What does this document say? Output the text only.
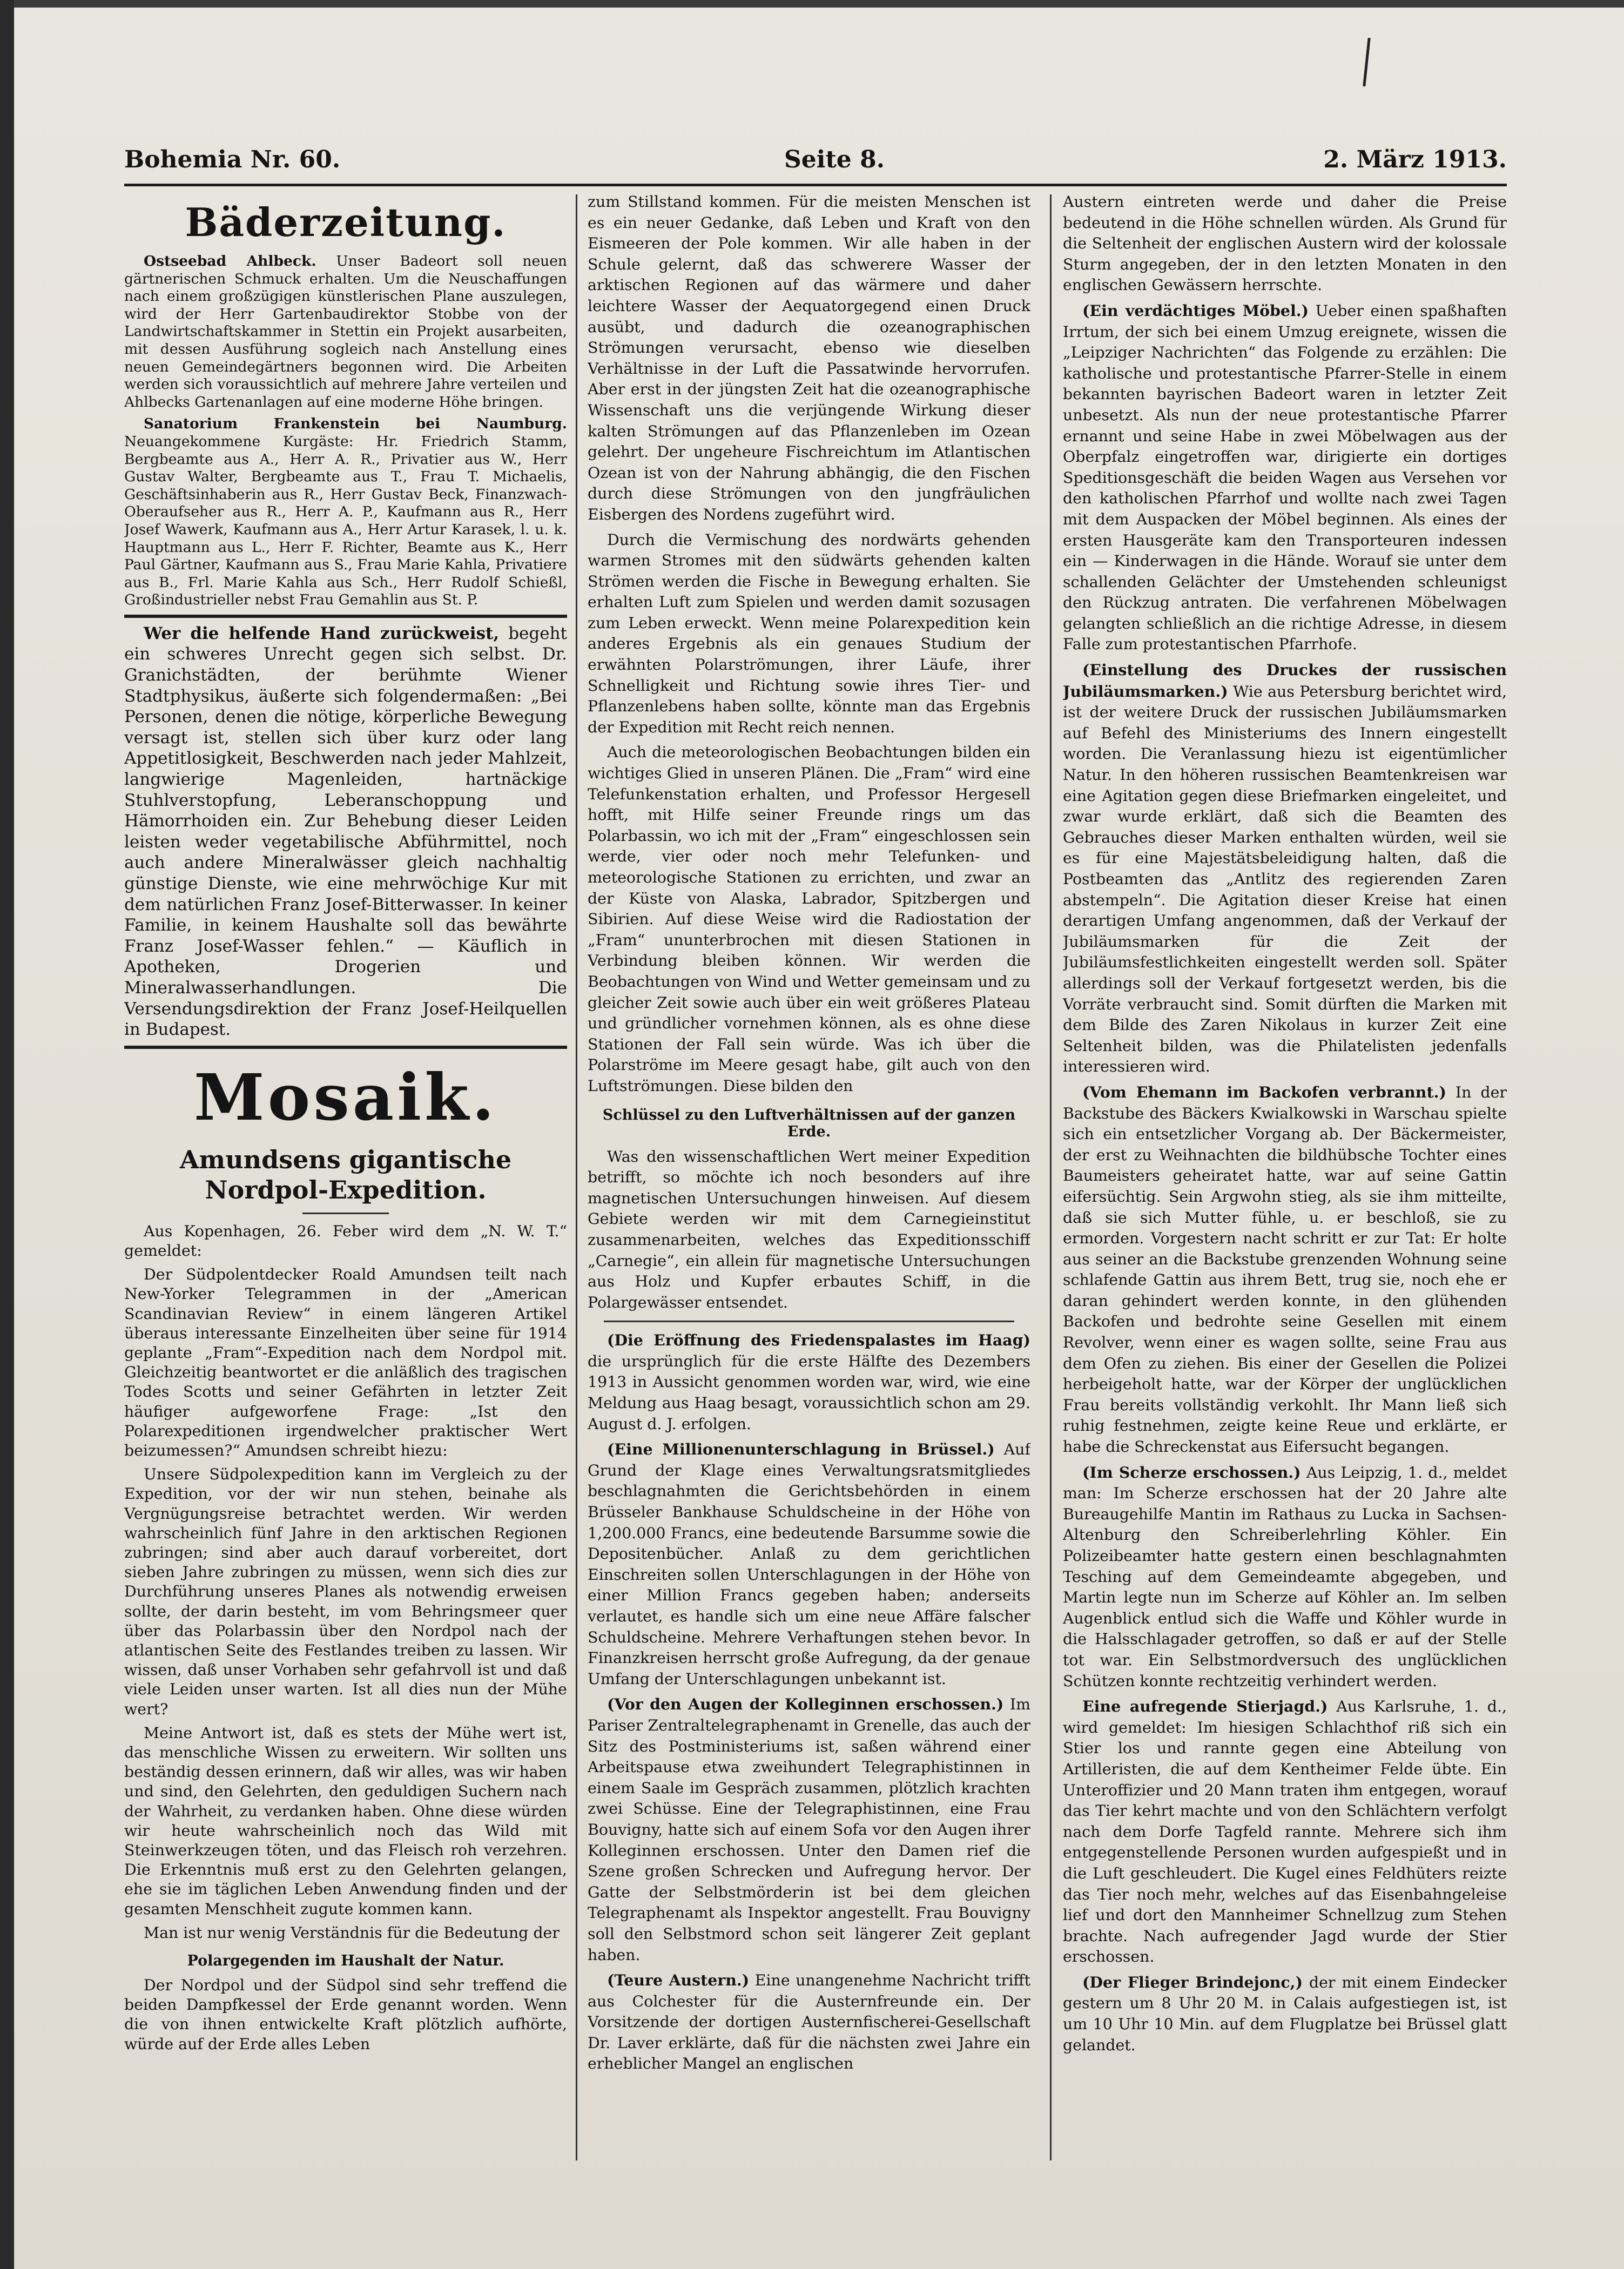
Bohemia Nr. 60.	Seite 8.	2. März 1913.
Bäderzeitung.

Ostseebad Ahlbeck. Unser Badeort soll neuen gärtnerischen Schmuck erhalten. Um die Neuschaffungen nach einem großzügigen künstlerischen Plane auszulegen, wird der Herr Gartenbaudirektor Stobbe von der Landwirtschaftskammer in Stettin ein Projekt ausarbeiten, mit dessen Ausführung sogleich nach Anstellung eines neuen Gemeindegärtners begonnen wird. Die Arbeiten werden sich voraussichtlich auf mehrere Jahre verteilen und Ahlbecks Gartenanlagen auf eine moderne Höhe bringen.

Sanatorium Frankenstein bei Naumburg. Neuangekommene Kurgäste: Hr. Friedrich Stamm, Bergbeamte aus A., Herr A. R., Privatier aus W., Herr Gustav Walter, Bergbeamte aus T., Frau T. Michaelis, Geschäftsinhaberin aus R., Herr Gustav Beck, Finanzwach-Oberaufseher aus R., Herr A. P., Kaufmann aus R., Herr Josef Wawerk, Kaufmann aus A., Herr Artur Karasek, l. u. k. Hauptmann aus L., Herr F. Richter, Beamte aus K., Herr Paul Gärtner, Kaufmann aus S., Frau Marie Kahla, Privatiere aus B., Frl. Marie Kahla aus Sch., Herr Rudolf Schießl, Großindustrieller nebst Frau Gemahlin aus St. P.

Wer die helfende Hand zurückweist, begeht ein schweres Unrecht gegen sich selbst. Dr. Granichstädten, der berühmte Wiener Stadtphysikus, äußerte sich folgendermaßen: „Bei Personen, denen die nötige, körperliche Bewegung versagt ist, stellen sich über kurz oder lang Appetitlosigkeit, Beschwerden nach jeder Mahlzeit, langwierige Magenleiden, hartnäckige Stuhlverstopfung, Leberanschoppung und Hämorrhoiden ein. Zur Behebung dieser Leiden leisten weder vegetabilische Abführmittel, noch auch andere Mineralwässer gleich nachhaltig günstige Dienste, wie eine mehrwöchige Kur mit dem natürlichen Franz Josef-Bitterwasser. In keiner Familie, in keinem Haushalte soll das bewährte Franz Josef-Wasser fehlen.“ — Käuflich in Apotheken, Drogerien und Mineralwasserhandlungen. Die Versendungsdirektion der Franz Josef-Heilquellen in Budapest.

Mosaik.
Amundsens gigantische Nordpol-Expedition.

Aus Kopenhagen, 26. Feber wird dem „N. W. T.“ gemeldet:

Der Südpolentdecker Roald Amundsen teilt nach New-Yorker Telegrammen in der „American Scandinavian Review“ in einem längeren Artikel überaus interessante Einzelheiten über seine für 1914 geplante „Fram“-Expedition nach dem Nordpol mit. Gleichzeitig beantwortet er die anläßlich des tragischen Todes Scotts und seiner Gefährten in letzter Zeit häufiger aufgeworfene Frage: „Ist den Polarexpeditionen irgendwelcher praktischer Wert beizumessen?“ Amundsen schreibt hiezu:

Unsere Südpolexpedition kann im Vergleich zu der Expedition, vor der wir nun stehen, beinahe als Vergnügungsreise betrachtet werden. Wir werden wahrscheinlich fünf Jahre in den arktischen Regionen zubringen; sind aber auch darauf vorbereitet, dort sieben Jahre zubringen zu müssen, wenn sich dies zur Durchführung unseres Planes als notwendig erweisen sollte, der darin besteht, im vom Behringsmeer quer über das Polarbassin über den Nordpol nach der atlantischen Seite des Festlandes treiben zu lassen. Wir wissen, daß unser Vorhaben sehr gefahrvoll ist und daß viele Leiden unser warten. Ist all dies nun der Mühe wert?

Meine Antwort ist, daß es stets der Mühe wert ist, das menschliche Wissen zu erweitern. Wir sollten uns beständig dessen erinnern, daß wir alles, was wir haben und sind, den Gelehrten, den geduldigen Suchern nach der Wahrheit, zu verdanken haben. Ohne diese würden wir heute wahrscheinlich noch das Wild mit Steinwerkzeugen töten, und das Fleisch roh verzehren. Die Erkenntnis muß erst zu den Gelehrten gelangen, ehe sie im täglichen Leben Anwendung finden und der gesamten Menschheit zugute kommen kann.

Man ist nur wenig Verständnis für die Bedeutung der

Polargegenden im Haushalt der Natur.

Der Nordpol und der Südpol sind sehr treffend die beiden Dampfkessel der Erde genannt worden. Wenn die von ihnen entwickelte Kraft plötzlich aufhörte, würde auf der Erde alles Leben

zum Stillstand kommen. Für die meisten Menschen ist es ein neuer Gedanke, daß Leben und Kraft von den Eismeeren der Pole kommen. Wir alle haben in der Schule gelernt, daß das schwerere Wasser der arktischen Regionen auf das wärmere und daher leichtere Wasser der Aequatorgegend einen Druck ausübt, und dadurch die ozeanographischen Strömungen verursacht, ebenso wie dieselben Verhältnisse in der Luft die Passatwinde hervorrufen. Aber erst in der jüngsten Zeit hat die ozeanographische Wissenschaft uns die verjüngende Wirkung dieser kalten Strömungen auf das Pflanzenleben im Ozean gelehrt. Der ungeheure Fischreichtum im Atlantischen Ozean ist von der Nahrung abhängig, die den Fischen durch diese Strömungen von den jungfräulichen Eisbergen des Nordens zugeführt wird.

Durch die Vermischung des nordwärts gehenden warmen Stromes mit den südwärts gehenden kalten Strömen werden die Fische in Bewegung erhalten. Sie erhalten Luft zum Spielen und werden damit sozusagen zum Leben erweckt. Wenn meine Polarexpedition kein anderes Ergebnis als ein genaues Studium der erwähnten Polarströmungen, ihrer Läufe, ihrer Schnelligkeit und Richtung sowie ihres Tier- und Pflanzenlebens haben sollte, könnte man das Ergebnis der Expedition mit Recht reich nennen.

Auch die meteorologischen Beobachtungen bilden ein wichtiges Glied in unseren Plänen. Die „Fram“ wird eine Telefunkenstation erhalten, und Professor Hergesell hofft, mit Hilfe seiner Freunde rings um das Polarbassin, wo ich mit der „Fram“ eingeschlossen sein werde, vier oder noch mehr Telefunken- und meteorologische Stationen zu errichten, und zwar an der Küste von Alaska, Labrador, Spitzbergen und Sibirien. Auf diese Weise wird die Radiostation der „Fram“ ununterbrochen mit diesen Stationen in Verbindung bleiben können. Wir werden die Beobachtungen von Wind und Wetter gemeinsam und zu gleicher Zeit sowie auch über ein weit größeres Plateau und gründlicher vornehmen können, als es ohne diese Stationen der Fall sein würde. Was ich über die Polarströme im Meere gesagt habe, gilt auch von den Luftströmungen. Diese bilden den

Schlüssel zu den Luftverhältnissen auf der ganzen Erde.

Was den wissenschaftlichen Wert meiner Expedition betrifft, so möchte ich noch besonders auf ihre magnetischen Untersuchungen hinweisen. Auf diesem Gebiete werden wir mit dem Carnegieinstitut zusammenarbeiten, welches das Expeditionsschiff „Carnegie“, ein allein für magnetische Untersuchungen aus Holz und Kupfer erbautes Schiff, in die Polargewässer entsendet.

(Die Eröffnung des Friedenspalastes im Haag) die ursprünglich für die erste Hälfte des Dezembers 1913 in Aussicht genommen worden war, wird, wie eine Meldung aus Haag besagt, voraussichtlich schon am 29. August d. J. erfolgen.

(Eine Millionenunterschlagung in Brüssel.) Auf Grund der Klage eines Verwaltungsratsmitgliedes beschlagnahmten die Gerichtsbehörden in einem Brüsseler Bankhause Schuldscheine in der Höhe von 1,200.000 Francs, eine bedeutende Barsumme sowie die Depositenbücher. Anlaß zu dem gerichtlichen Einschreiten sollen Unterschlagungen in der Höhe von einer Million Francs gegeben haben; anderseits verlautet, es handle sich um eine neue Affäre falscher Schuldscheine. Mehrere Verhaftungen stehen bevor. In Finanzkreisen herrscht große Aufregung, da der genaue Umfang der Unterschlagungen unbekannt ist.

(Vor den Augen der Kolleginnen erschossen.) Im Pariser Zentraltelegraphenamt in Grenelle, das auch der Sitz des Postministeriums ist, saßen während einer Arbeitspause etwa zweihundert Telegraphistinnen in einem Saale im Gespräch zusammen, plötzlich krachten zwei Schüsse. Eine der Telegraphistinnen, eine Frau Bouvigny, hatte sich auf einem Sofa vor den Augen ihrer Kolleginnen erschossen. Unter den Damen rief die Szene großen Schrecken und Aufregung hervor. Der Gatte der Selbstmörderin ist bei dem gleichen Telegraphenamt als Inspektor angestellt. Frau Bouvigny soll den Selbstmord schon seit längerer Zeit geplant haben.

(Teure Austern.) Eine unangenehme Nachricht trifft aus Colchester für die Austernfreunde ein. Der Vorsitzende der dortigen Austernfischerei-Gesellschaft Dr. Laver erklärte, daß für die nächsten zwei Jahre ein erheblicher Mangel an englischen

Austern eintreten werde und daher die Preise bedeutend in die Höhe schnellen würden. Als Grund für die Seltenheit der englischen Austern wird der kolossale Sturm angegeben, der in den letzten Monaten in den englischen Gewässern herrschte.

(Ein verdächtiges Möbel.) Ueber einen spaßhaften Irrtum, der sich bei einem Umzug ereignete, wissen die „Leipziger Nachrichten“ das Folgende zu erzählen: Die katholische und protestantische Pfarrer-Stelle in einem bekannten bayrischen Badeort waren in letzter Zeit unbesetzt. Als nun der neue protestantische Pfarrer ernannt und seine Habe in zwei Möbelwagen aus der Oberpfalz eingetroffen war, dirigierte ein dortiges Speditionsgeschäft die beiden Wagen aus Versehen vor den katholischen Pfarrhof und wollte nach zwei Tagen mit dem Auspacken der Möbel beginnen. Als eines der ersten Hausgeräte kam den Transporteuren indessen ein — Kinderwagen in die Hände. Worauf sie unter dem schallenden Gelächter der Umstehenden schleunigst den Rückzug antraten. Die verfahrenen Möbelwagen gelangten schließlich an die richtige Adresse, in diesem Falle zum protestantischen Pfarrhofe.

(Einstellung des Druckes der russischen Jubiläumsmarken.) Wie aus Petersburg berichtet wird, ist der weitere Druck der russischen Jubiläumsmarken auf Befehl des Ministeriums des Innern eingestellt worden. Die Veranlassung hiezu ist eigentümlicher Natur. In den höheren russischen Beamtenkreisen war eine Agitation gegen diese Briefmarken eingeleitet, und zwar wurde erklärt, daß sich die Beamten des Gebrauches dieser Marken enthalten würden, weil sie es für eine Majestätsbeleidigung halten, daß die Postbeamten das „Antlitz des regierenden Zaren abstempeln“. Die Agitation dieser Kreise hat einen derartigen Umfang angenommen, daß der Verkauf der Jubiläumsmarken für die Zeit der Jubiläumsfestlichkeiten eingestellt werden soll. Später allerdings soll der Verkauf fortgesetzt werden, bis die Vorräte verbraucht sind. Somit dürften die Marken mit dem Bilde des Zaren Nikolaus in kurzer Zeit eine Seltenheit bilden, was die Philatelisten jedenfalls interessieren wird.

(Vom Ehemann im Backofen verbrannt.) In der Backstube des Bäckers Kwialkowski in Warschau spielte sich ein entsetzlicher Vorgang ab. Der Bäckermeister, der erst zu Weihnachten die bildhübsche Tochter eines Baumeisters geheiratet hatte, war auf seine Gattin eifersüchtig. Sein Argwohn stieg, als sie ihm mitteilte, daß sie sich Mutter fühle, u. er beschloß, sie zu ermorden. Vorgestern nacht schritt er zur Tat: Er holte aus seiner an die Backstube grenzenden Wohnung seine schlafende Gattin aus ihrem Bett, trug sie, noch ehe er daran gehindert werden konnte, in den glühenden Backofen und bedrohte seine Gesellen mit einem Revolver, wenn einer es wagen sollte, seine Frau aus dem Ofen zu ziehen. Bis einer der Gesellen die Polizei herbeigeholt hatte, war der Körper der unglücklichen Frau bereits vollständig verkohlt. Ihr Mann ließ sich ruhig festnehmen, zeigte keine Reue und erklärte, er habe die Schreckenstat aus Eifersucht begangen.

(Im Scherze erschossen.) Aus Leipzig, 1. d., meldet man: Im Scherze erschossen hat der 20 Jahre alte Bureaugehilfe Mantin im Rathaus zu Lucka in Sachsen-Altenburg den Schreiberlehrling Köhler. Ein Polizeibeamter hatte gestern einen beschlagnahmten Tesching auf dem Gemeindeamte abgegeben, und Martin legte nun im Scherze auf Köhler an. Im selben Augenblick entlud sich die Waffe und Köhler wurde in die Halsschlagader getroffen, so daß er auf der Stelle tot war. Ein Selbstmordversuch des unglücklichen Schützen konnte rechtzeitig verhindert werden.

Eine aufregende Stierjagd.) Aus Karlsruhe, 1. d., wird gemeldet: Im hiesigen Schlachthof riß sich ein Stier los und rannte gegen eine Abteilung von Artilleristen, die auf dem Kentheimer Felde übte. Ein Unteroffizier und 20 Mann traten ihm entgegen, worauf das Tier kehrt machte und von den Schlächtern verfolgt nach dem Dorfe Tagfeld rannte. Mehrere sich ihm entgegenstellende Personen wurden aufgespießt und in die Luft geschleudert. Die Kugel eines Feldhüters reizte das Tier noch mehr, welches auf das Eisenbahngeleise lief und dort den Mannheimer Schnellzug zum Stehen brachte. Nach aufregender Jagd wurde der Stier erschossen.

(Der Flieger Brindejonc,) der mit einem Eindecker gestern um 8 Uhr 20 M. in Calais aufgestiegen ist, ist um 10 Uhr 10 Min. auf dem Flugplatze bei Brüssel glatt gelandet.
